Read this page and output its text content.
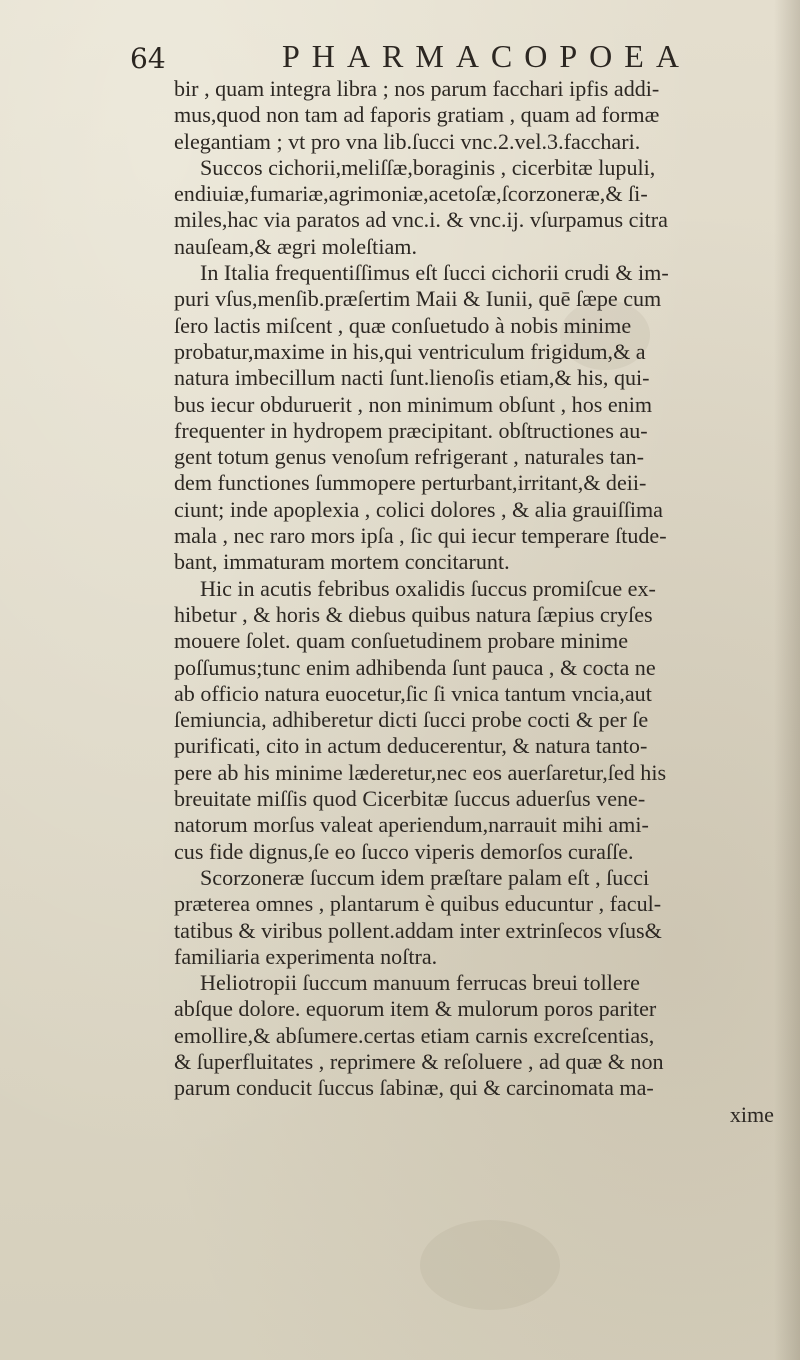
64	PHARMACOPOEA
bir , quam integra libra ; nos parum facchari ipfis addi-
mus,quod non tam ad faporis gratiam , quam ad formæ
elegantiam ; vt pro vna lib.ſucci vnc.2.vel.3.facchari.
Succos cichorii,meliſſæ,boraginis , cicerbitæ lupuli,
endiuiæ,fumariæ,agrimoniæ,acetoſæ,ſcorzoneræ,& ſi-
miles,hac via paratos ad vnc.i. & vnc.ij. vſurpamus citra
nauſeam,& ægri moleſtiam.
In Italia frequentiſſimus eſt ſucci cichorii crudi & im-
puri vſus,menſib.præſertim Maii & Iunii, quē ſæpe cum
ſero lactis miſcent , quæ conſuetudo à nobis minime
probatur,maxime in his,qui ventriculum frigidum,& a
natura imbecillum nacti ſunt.lienoſis etiam,& his, qui-
bus iecur obduruerit , non minimum obſunt , hos enim
frequenter in hydropem præcipitant. obſtructiones au-
gent totum genus venoſum refrigerant , naturales tan-
dem functiones ſummopere perturbant,irritant,& deii-
ciunt; inde apoplexia , colici dolores , & alia grauiſſima
mala , nec raro mors ipſa , ſic qui iecur temperare ſtude-
bant, immaturam mortem concitarunt.
Hic in acutis febribus oxalidis ſuccus promiſcue ex-
hibetur , & horis & diebus quibus natura ſæpius cryſes
mouere ſolet. quam conſuetudinem probare minime
poſſumus;tunc enim adhibenda ſunt pauca , & cocta ne
ab officio natura euocetur,ſic ſi vnica tantum vncia,aut
ſemiuncia, adhiberetur dicti ſucci probe cocti & per ſe
purificati, cito in actum deducerentur, & natura tanto-
pere ab his minime læderetur,nec eos auerſaretur,ſed his
breuitate miſſis quod Cicerbitæ ſuccus aduerſus vene-
natorum morſus valeat aperiendum,narrauit mihi ami-
cus fide dignus,ſe eo ſucco viperis demorſos curaſſe.
Scorzoneræ ſuccum idem præſtare palam eſt , ſucci
præterea omnes , plantarum è quibus educuntur , facul-
tatibus & viribus pollent.addam inter extrinſecos vſus&
familiaria experimenta noſtra.
Heliotropii ſuccum manuum ferrucas breui tollere
abſque dolore. equorum item & mulorum poros pariter
emollire,& abſumere.certas etiam carnis excreſcentias,
& ſuperfluitates , reprimere & reſoluere , ad quæ & non
parum conducit ſuccus ſabinæ, qui & carcinomata ma-
xime
